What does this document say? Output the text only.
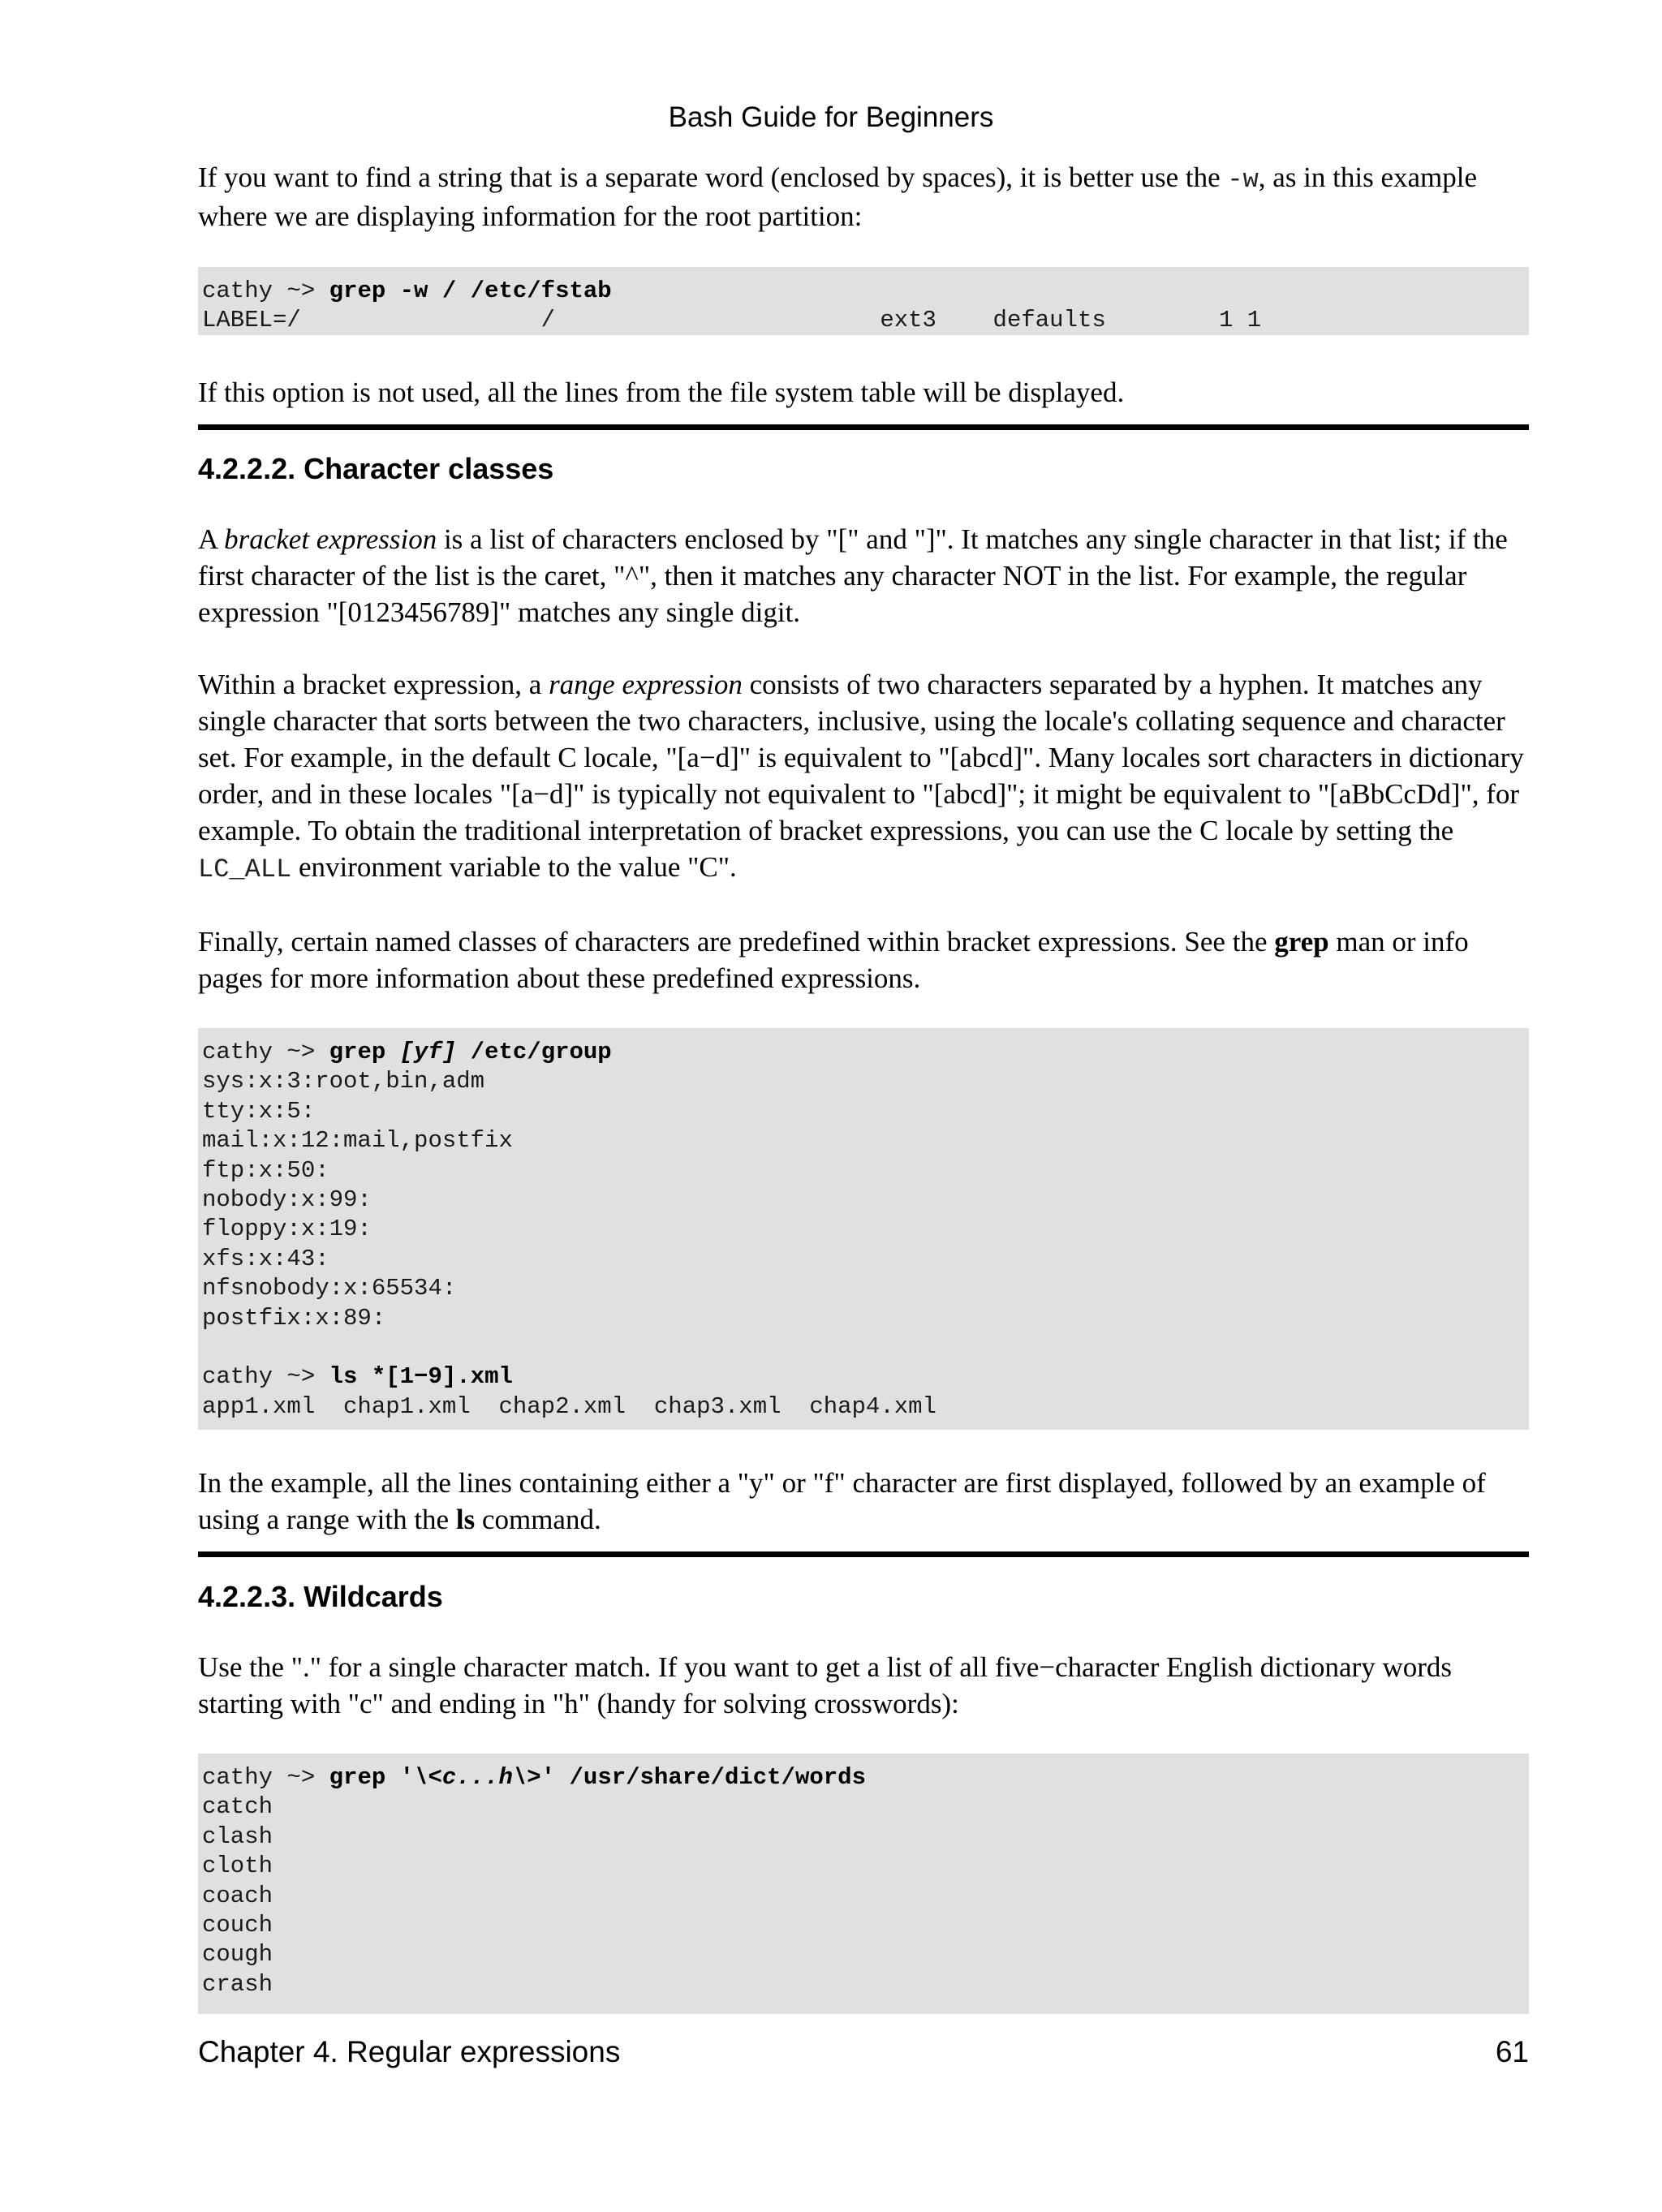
Bash Guide for Beginners

If you want to find a string that is a separate word (enclosed by spaces), it is better use the -w, as in this example where we are displaying information for the root partition:

cathy ~> grep -w / /etc/fstab
LABEL=/                 /                       ext3    defaults        1 1

If this option is not used, all the lines from the file system table will be displayed.

4.2.2.2. Character classes

A bracket expression is a list of characters enclosed by "[" and "]". It matches any single character in that list; if the first character of the list is the caret, "^", then it matches any character NOT in the list. For example, the regular expression "[0123456789]" matches any single digit.

Within a bracket expression, a range expression consists of two characters separated by a hyphen. It matches any single character that sorts between the two characters, inclusive, using the locale's collating sequence and character set. For example, in the default C locale, "[a−d]" is equivalent to "[abcd]". Many locales sort characters in dictionary order, and in these locales "[a−d]" is typically not equivalent to "[abcd]"; it might be equivalent to "[aBbCcDd]", for example. To obtain the traditional interpretation of bracket expressions, you can use the C locale by setting the LC_ALL environment variable to the value "C".

Finally, certain named classes of characters are predefined within bracket expressions. See the grep man or info pages for more information about these predefined expressions.

cathy ~> grep [yf] /etc/group
sys:x:3:root,bin,adm
tty:x:5:
mail:x:12:mail,postfix
ftp:x:50:
nobody:x:99:
floppy:x:19:
xfs:x:43:
nfsnobody:x:65534:
postfix:x:89:

cathy ~> ls *[1−9].xml
app1.xml  chap1.xml  chap2.xml  chap3.xml  chap4.xml

In the example, all the lines containing either a "y" or "f" character are first displayed, followed by an example of using a range with the ls command.

4.2.2.3. Wildcards

Use the "." for a single character match. If you want to get a list of all five−character English dictionary words starting with "c" and ending in "h" (handy for solving crosswords):

cathy ~> grep '\<c...h\>' /usr/share/dict/words
catch
clash
cloth
coach
couch
cough
crash
Chapter 4. Regular expressions	61
